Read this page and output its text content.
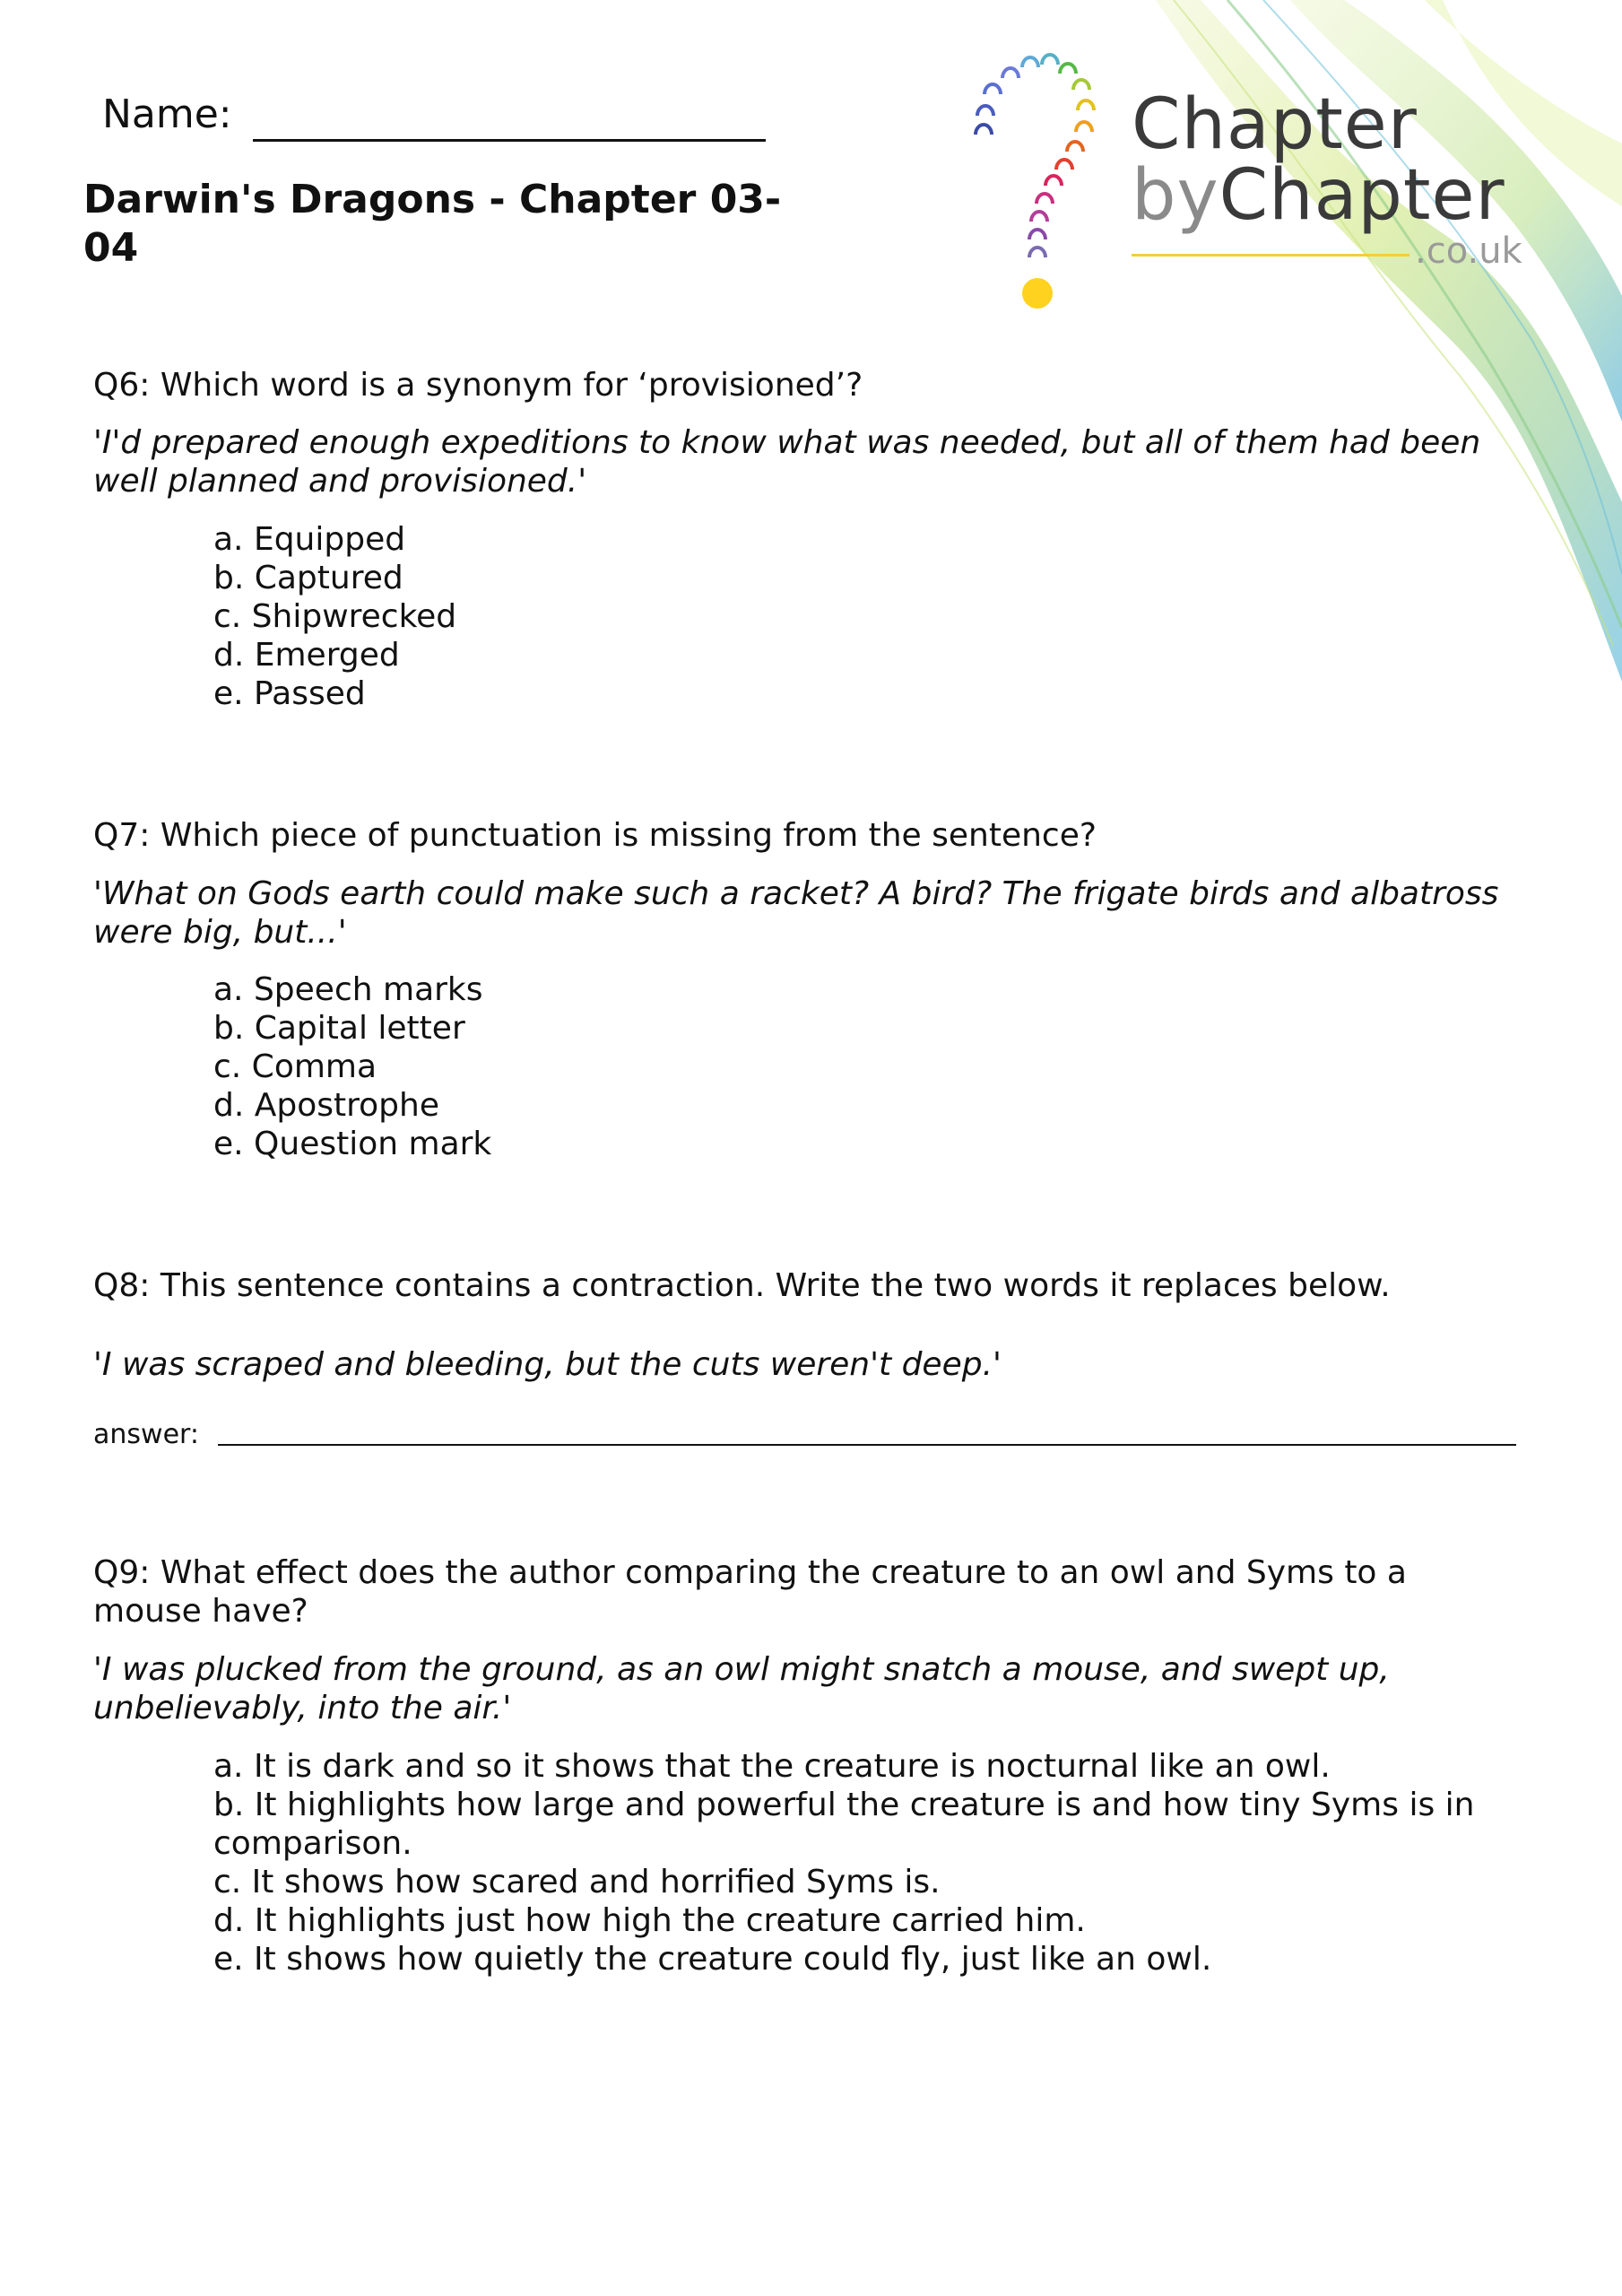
Chapter
byChapter
.co.uk
Name:
Darwin's Dragons - Chapter 03-04
Q6: Which word is a synonym for ‘provisioned’?
'I'd prepared enough expeditions to know what was needed, but all of them had been well planned and provisioned.'
a. Equipped
b. Captured
c. Shipwrecked
d. Emerged
e. Passed
Q7: Which piece of punctuation is missing from the sentence?
'What on Gods earth could make such a racket? A bird? The frigate birds and albatross were big, but...'
a. Speech marks
b. Capital letter
c. Comma
d. Apostrophe
e. Question mark
Q8: This sentence contains a contraction. Write the two words it replaces below.
'I was scraped and bleeding, but the cuts weren't deep.'
answer:
Q9: What effect does the author comparing the creature to an owl and Syms to a mouse have?
'I was plucked from the ground, as an owl might snatch a mouse, and swept up, unbelievably, into the air.'
a. It is dark and so it shows that the creature is nocturnal like an owl.
b. It highlights how large and powerful the creature is and how tiny Syms is in comparison.
c. It shows how scared and horrified Syms is.
d. It highlights just how high the creature carried him.
e. It shows how quietly the creature could fly, just like an owl.
